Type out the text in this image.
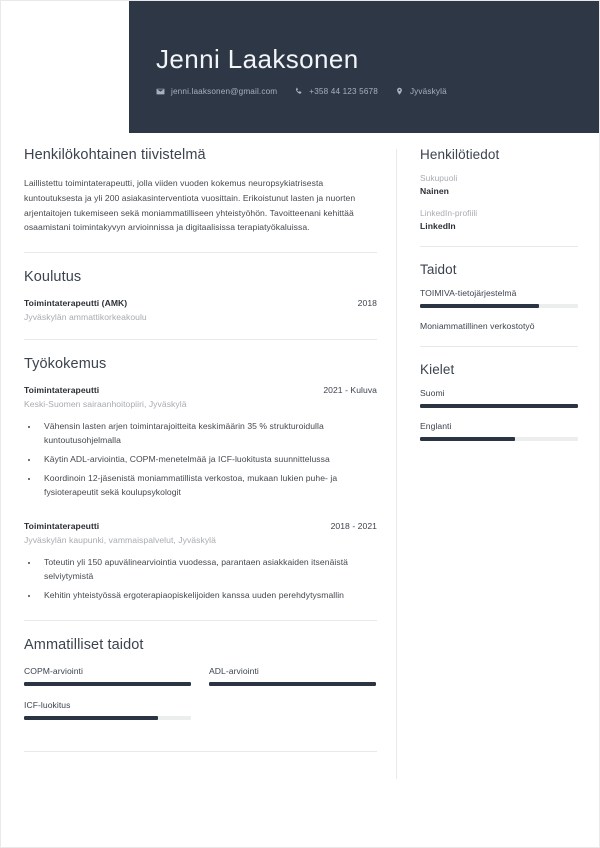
Jenni Laaksonen
jenni.laaksonen@gmail.com	+358 44 123 5678	Jyväskylä
Henkilökohtainen tiivistelmä

Laillistettu toimintaterapeutti, jolla viiden vuoden kokemus neuropsykiatrisesta kuntoutuksesta ja yli 200 asiakasinterventiota vuosittain. Erikoistunut lasten ja nuorten arjentaitojen tukemiseen sekä moniammatilliseen yhteistyöhön. Tavoitteenani kehittää osaamistani toimintakyvyn arvioinnissa ja digitaalisissa terapiatyökaluissa.

Koulutus
Toimintaterapeutti (AMK)	2018
Jyväskylän ammattikorkeakoulu
Työkokemus
Toimintaterapeutti	2021 - Kuluva
Keski-Suomen sairaanhoitopiiri, Jyväskylä
• Vähensin lasten arjen toimintarajoitteita keskimäärin 35 % strukturoidulla kuntoutusohjelmalla
• Käytin ADL-arviointia, COPM-menetelmää ja ICF-luokitusta suunnittelussa
• Koordinoin 12-jäsenistä moniammatillista verkostoa, mukaan lukien puhe- ja fysioterapeutit sekä koulupsykologit
Toimintaterapeutti	2018 - 2021
Jyväskylän kaupunki, vammaispalvelut, Jyväskylä
• Toteutin yli 150 apuvälinearviointia vuodessa, parantaen asiakkaiden itsenäistä selviytymistä
• Kehitin yhteistyössä ergoterapiaopiskelijoiden kanssa uuden perehdytysmallin
Ammatilliset taidot
COPM-arviointi	ADL-arviointi
ICF-luokitus
Henkilötiedot
Sukupuoli
Nainen
LinkedIn-profiili
LinkedIn
Taidot
TOIMIVA-tietojärjestelmä
Moniammatillinen verkostotyö
Kielet
Suomi
Englanti
